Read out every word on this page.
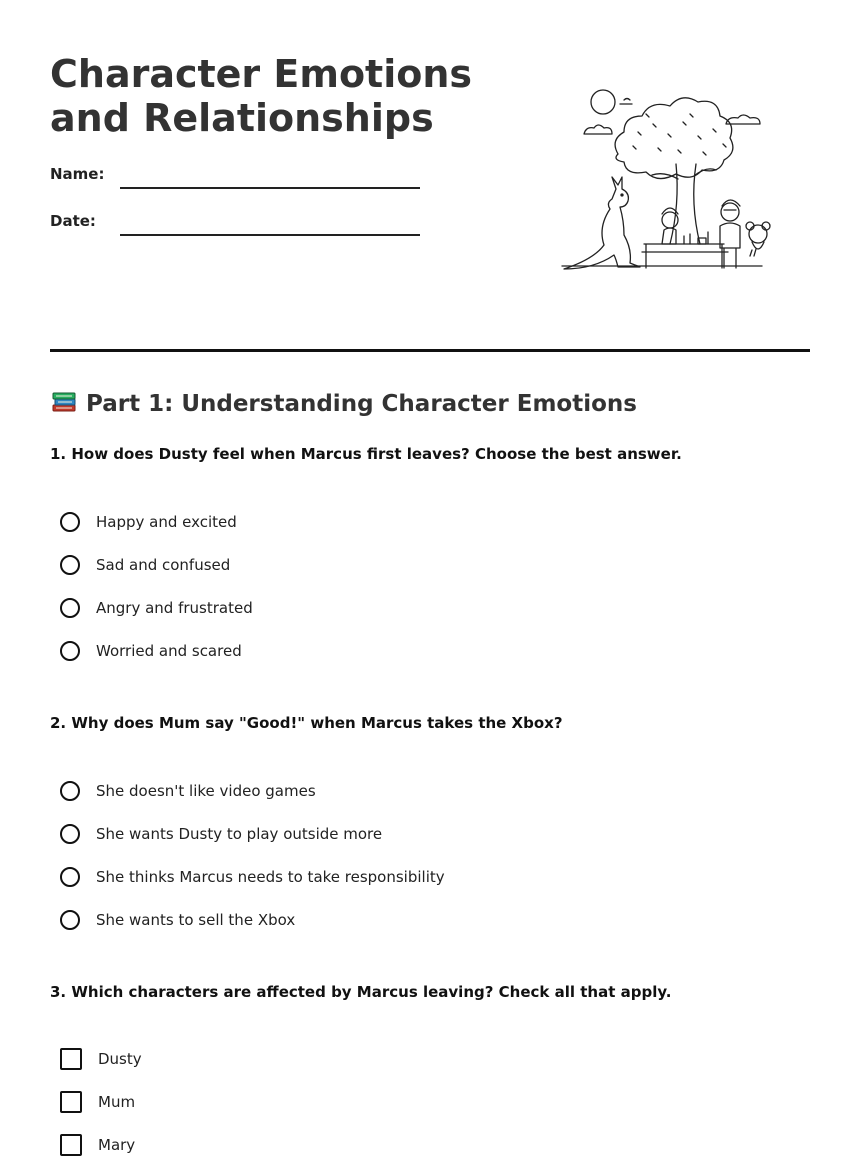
Character Emotions and Relationships
Name:
Date:
Part 1: Understanding Character Emotions

1. How does Dusty feel when Marcus first leaves? Choose the best answer.

Happy and excited
Sad and confused
Angry and frustrated
Worried and scared

2. Why does Mum say "Good!" when Marcus takes the Xbox?

She doesn't like video games
She wants Dusty to play outside more
She thinks Marcus needs to take responsibility
She wants to sell the Xbox

3. Which characters are affected by Marcus leaving? Check all that apply.

Dusty
Mum
Mary
